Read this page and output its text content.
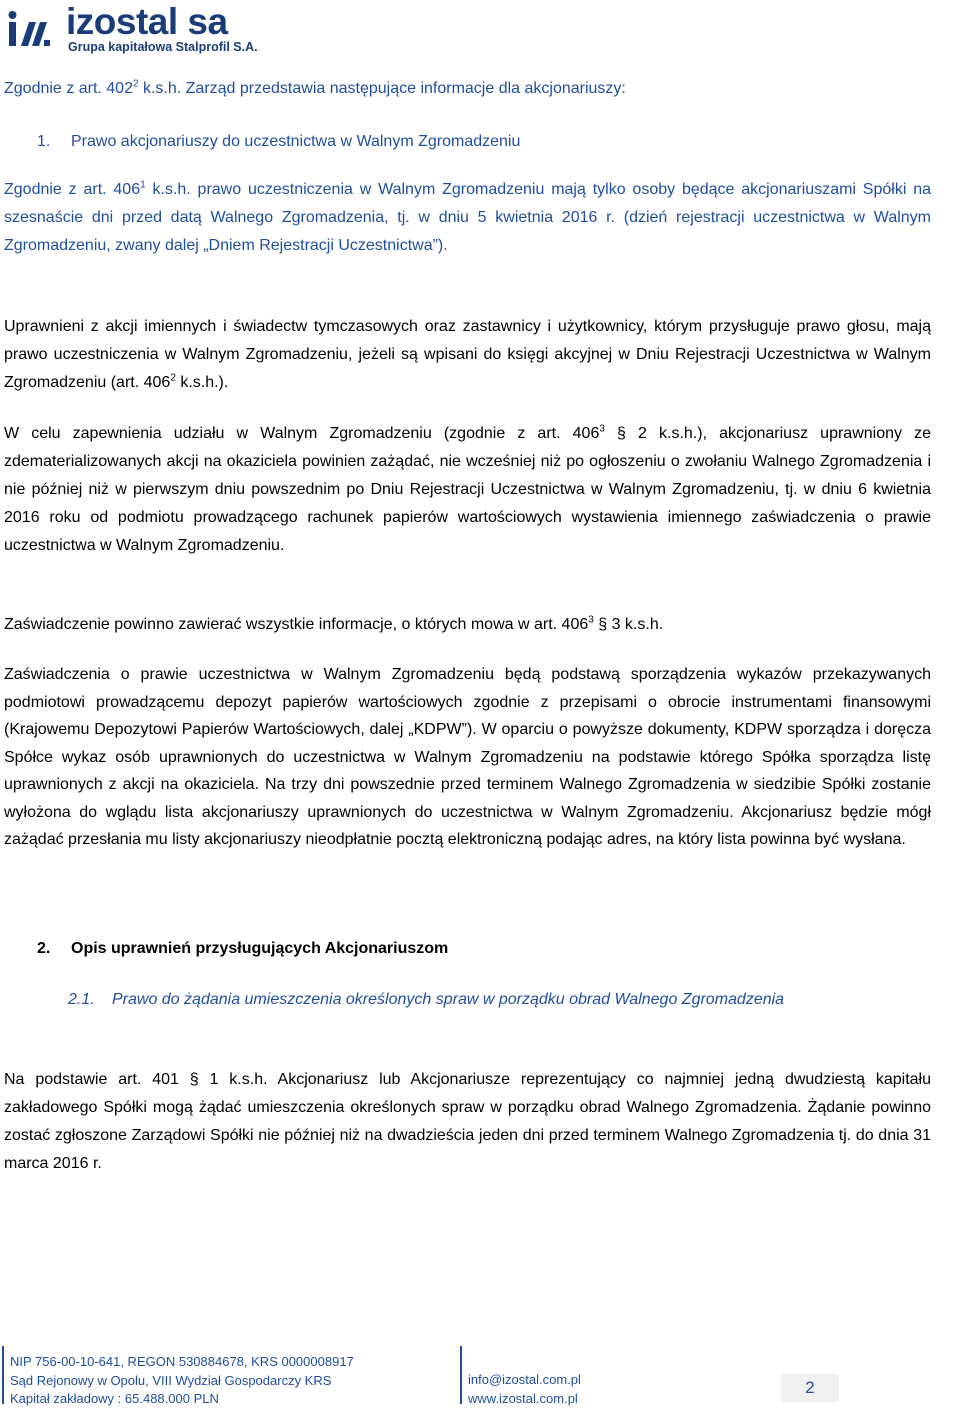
izostal sa
Grupa kapitałowa Stalprofil S.A.

Zgodnie z art. $402^2$ k.s.h. Zarząd przedstawia następujące informacje dla akcjonariuszy:

1. Prawo akcjonariuszy do uczestnictwa w Walnym Zgromadzeniu

Zgodnie z art. $406^1$ k.s.h. prawo uczestniczenia w Walnym Zgromadzeniu mają tylko osoby będące akcjonariuszami Spółki na szesnaście dni przed datą Walnego Zgromadzenia, tj. w dniu 5 kwietnia 2016 r. (dzień rejestracji uczestnictwa w Walnym Zgromadzeniu, zwany dalej „Dniem Rejestracji Uczestnictwa”).

Uprawnieni z akcji imiennych i świadectw tymczasowych oraz zastawnicy i użytkownicy, którym przysługuje prawo głosu, mają prawo uczestniczenia w Walnym Zgromadzeniu, jeżeli są wpisani do księgi akcyjnej w Dniu Rejestracji Uczestnictwa w Walnym Zgromadzeniu (art. $406^2$ k.s.h.).

W celu zapewnienia udziału w Walnym Zgromadzeniu (zgodnie z art. $406^3$ § 2 k.s.h.), akcjonariusz uprawniony ze zdematerializowanych akcji na okaziciela powinien zażądać, nie wcześniej niż po ogłoszeniu o zwołaniu Walnego Zgromadzenia i nie później niż w pierwszym dniu powszednim po Dniu Rejestracji Uczestnictwa w Walnym Zgromadzeniu, tj. w dniu 6 kwietnia 2016 roku od podmiotu prowadzącego rachunek papierów wartościowych wystawienia imiennego zaświadczenia o prawie uczestnictwa w Walnym Zgromadzeniu.

Zaświadczenie powinno zawierać wszystkie informacje, o których mowa w art. $406^3$ § 3 k.s.h.

Zaświadczenia o prawie uczestnictwa w Walnym Zgromadzeniu będą podstawą sporządzenia wykazów przekazywanych podmiotowi prowadzącemu depozyt papierów wartościowych zgodnie z przepisami o obrocie instrumentami finansowymi (Krajowemu Depozytowi Papierów Wartościowych, dalej „KDPW”). W oparciu o powyższe dokumenty, KDPW sporządza i doręcza Spółce wykaz osób uprawnionych do uczestnictwa w Walnym Zgromadzeniu na podstawie którego Spółka sporządza listę uprawnionych z akcji na okaziciela. Na trzy dni powszednie przed terminem Walnego Zgromadzenia w siedzibie Spółki zostanie wyłożona do wglądu lista akcjonariuszy uprawnionych do uczestnictwa w Walnym Zgromadzeniu. Akcjonariusz będzie mógł zażądać przesłania mu listy akcjonariuszy nieodpłatnie pocztą elektroniczną podając adres, na który lista powinna być wysłana.

2. Opis uprawnień przysługujących Akcjonariuszom

2.1.	Prawo do żądania umieszczenia określonych spraw w porządku obrad Walnego Zgromadzenia

Na podstawie art. 401 § 1 k.s.h. Akcjonariusz lub Akcjonariusze reprezentujący co najmniej jedną dwudziestą kapitału zakładowego Spółki mogą żądać umieszczenia określonych spraw w porządku obrad Walnego Zgromadzenia. Żądanie powinno zostać zgłoszone Zarządowi Spółki nie później niż na dwadzieścia jeden dni przed terminem Walnego Zgromadzenia tj. do dnia 31 marca 2016 r.

NIP 756-00-10-641, REGON 530884678, KRS 0000008917
Sąd Rejonowy w Opolu, VIII Wydział Gospodarczy KRS
Kapitał zakładowy : 65.488.000 PLN
info@izostal.com.pl
www.izostal.com.pl
2
